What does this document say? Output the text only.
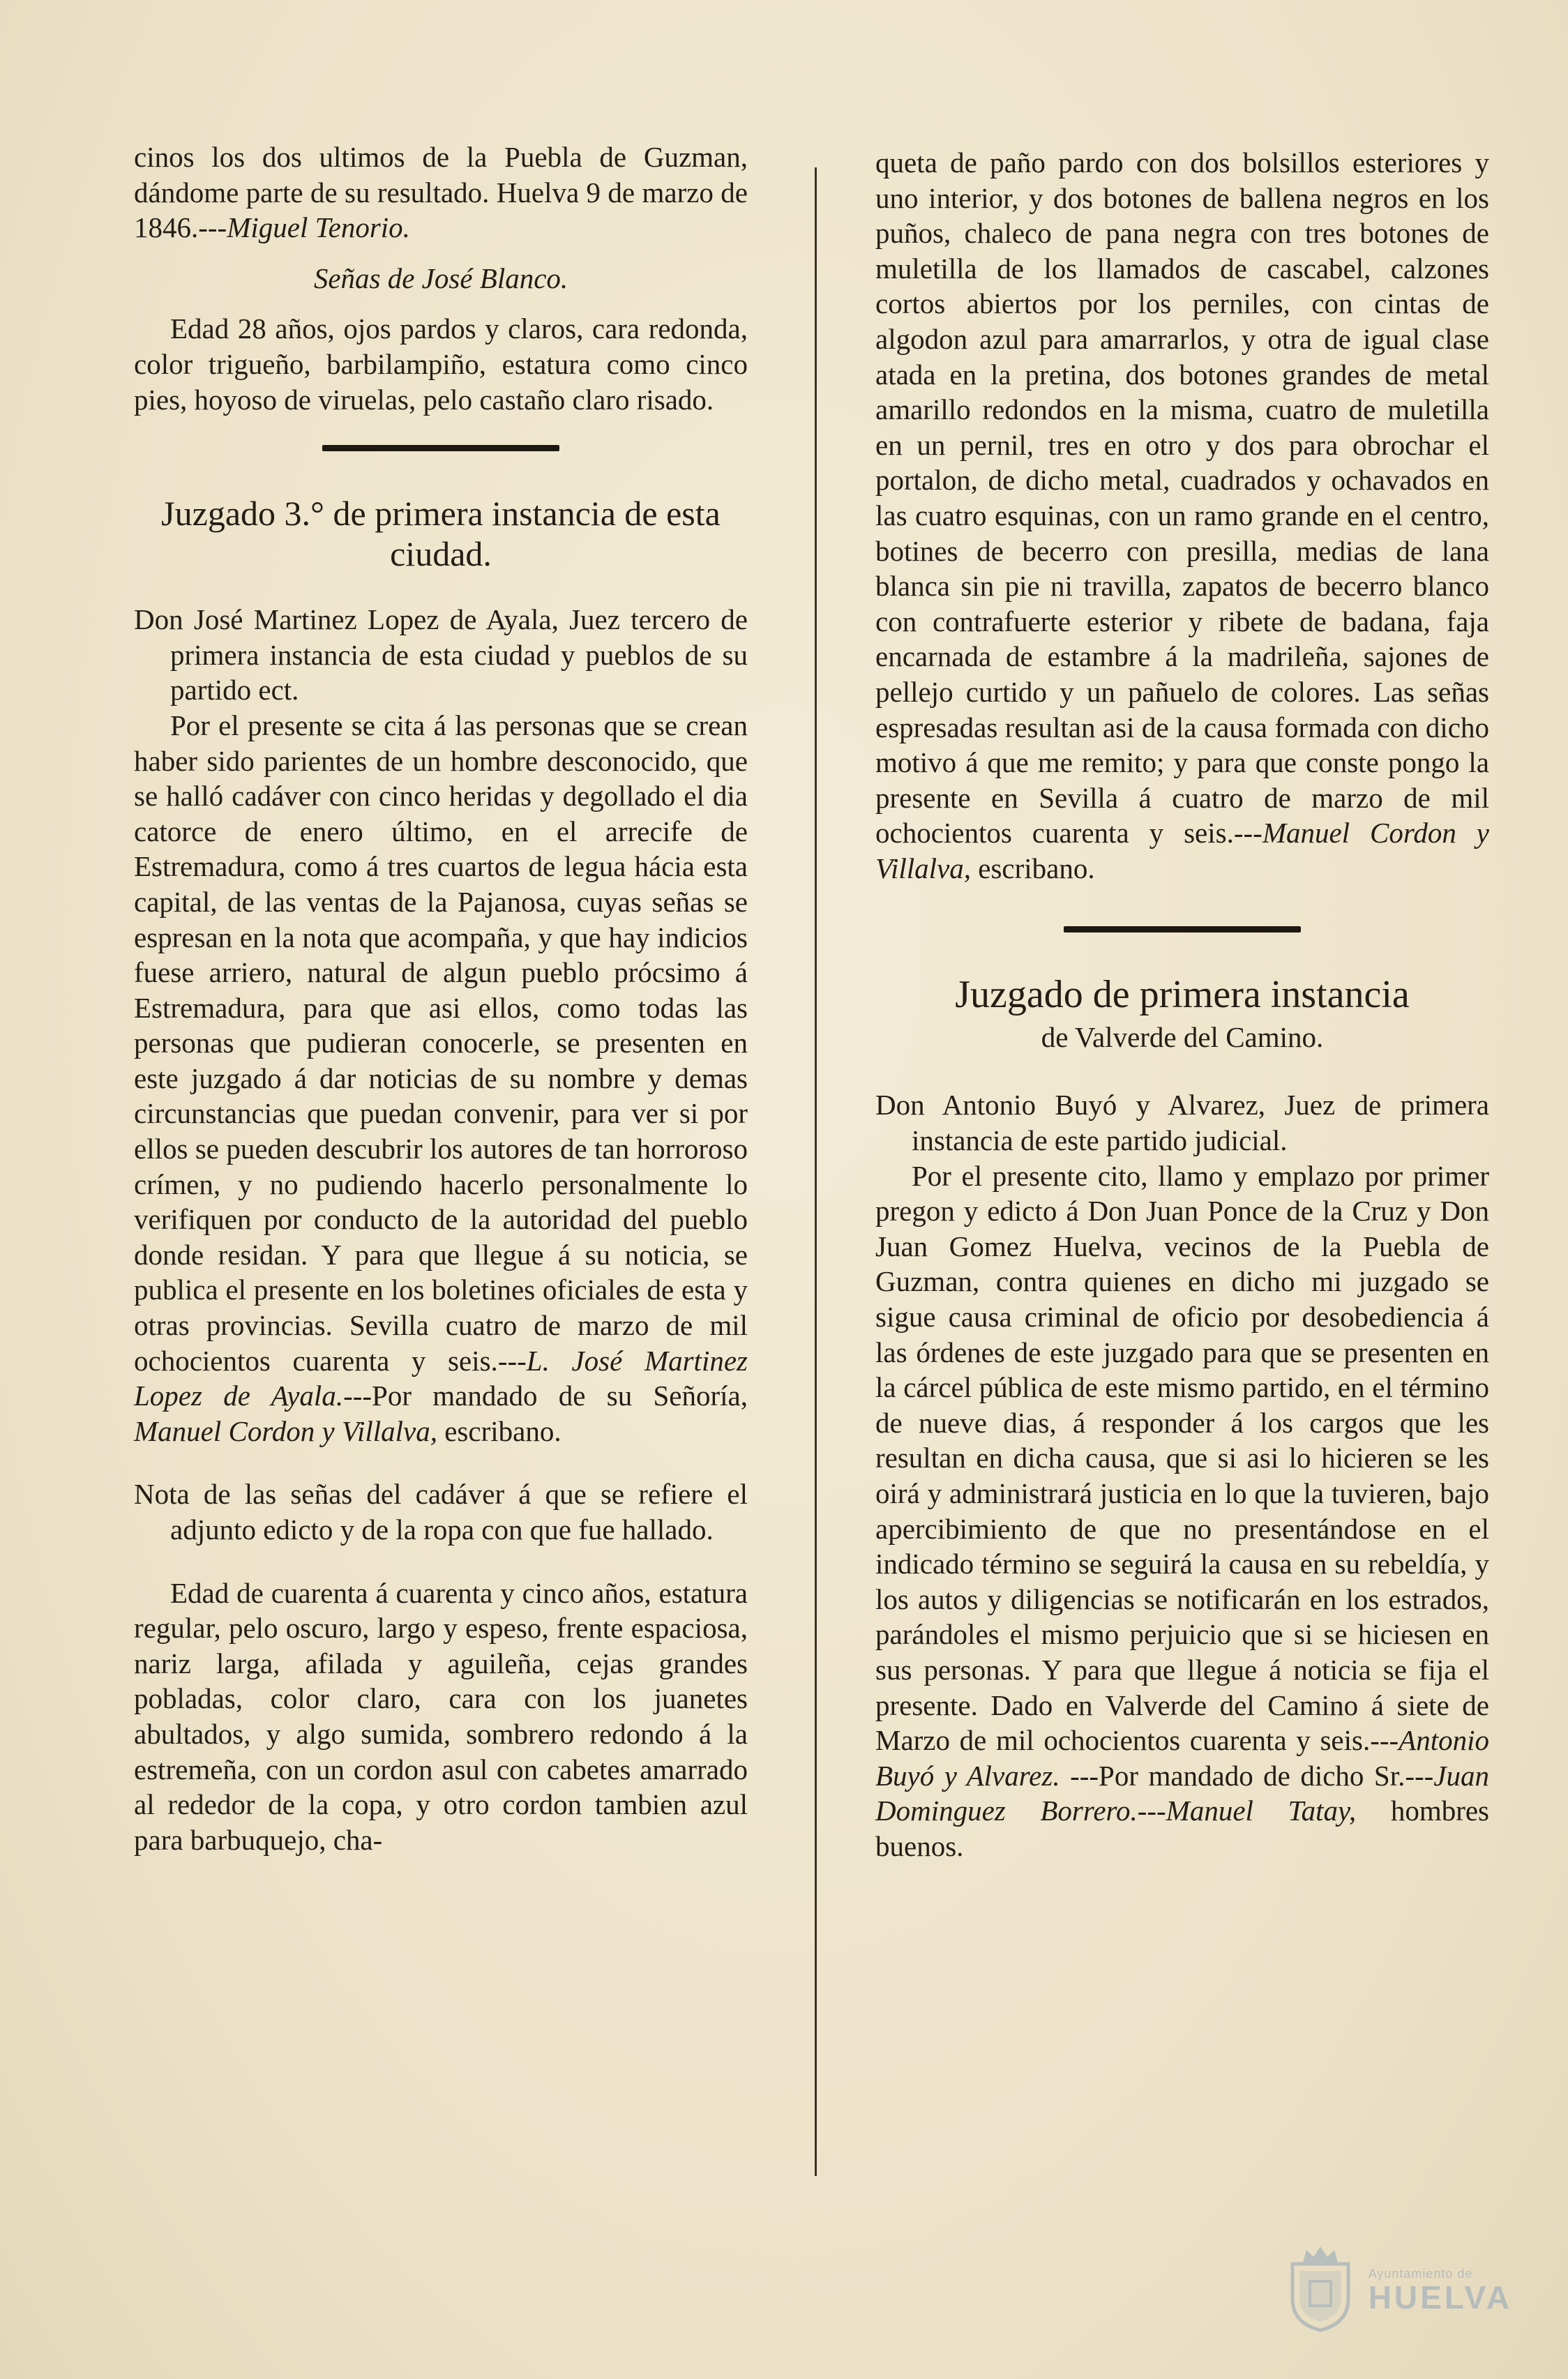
cinos los dos ultimos de la Puebla de Guzman, dándome parte de su resultado. Huelva 9 de marzo de 1846.---Miguel Tenorio.

Señas de José Blanco.

Edad 28 años, ojos pardos y claros, cara redonda, color trigueño, barbilampiño, estatura como cinco pies, hoyoso de viruelas, pelo castaño claro risado.

Juzgado 3.° de primera instancia de esta ciudad.

Don José Martinez Lopez de Ayala, Juez tercero de primera instancia de esta ciudad y pueblos de su partido ect.

Por el presente se cita á las personas que se crean haber sido parientes de un hombre desconocido, que se halló cadáver con cinco heridas y degollado el dia catorce de enero último, en el arrecife de Estremadura, como á tres cuartos de legua hácia esta capital, de las ventas de la Pajanosa, cuyas señas se espresan en la nota que acompaña, y que hay indicios fuese arriero, natural de algun pueblo prócsimo á Estremadura, para que asi ellos, como todas las personas que pudieran conocerle, se presenten en este juzgado á dar noticias de su nombre y demas circunstancias que puedan convenir, para ver si por ellos se pueden descubrir los autores de tan horroroso crímen, y no pudiendo hacerlo personalmente lo verifiquen por conducto de la autoridad del pueblo donde residan. Y para que llegue á su noticia, se publica el presente en los boletines oficiales de esta y otras provincias. Sevilla cuatro de marzo de mil ochocientos cuarenta y seis.---L. José Martinez Lopez de Ayala.---Por mandado de su Señoría, Manuel Cordon y Villalva, escribano.

Nota de las señas del cadáver á que se refiere el adjunto edicto y de la ropa con que fue hallado.

Edad de cuarenta á cuarenta y cinco años, estatura regular, pelo oscuro, largo y espeso, frente espaciosa, nariz larga, afilada y aguileña, cejas grandes pobladas, color claro, cara con los juanetes abultados, y algo sumida, sombrero redondo á la estremeña, con un cordon asul con cabetes amarrado al rededor de la copa, y otro cordon tambien azul para barbuquejo, cha-

queta de paño pardo con dos bolsillos esteriores y uno interior, y dos botones de ballena negros en los puños, chaleco de pana negra con tres botones de muletilla de los llamados de cascabel, calzones cortos abiertos por los perniles, con cintas de algodon azul para amarrarlos, y otra de igual clase atada en la pretina, dos botones grandes de metal amarillo redondos en la misma, cuatro de muletilla en un pernil, tres en otro y dos para obrochar el portalon, de dicho metal, cuadrados y ochavados en las cuatro esquinas, con un ramo grande en el centro, botines de becerro con presilla, medias de lana blanca sin pie ni travilla, zapatos de becerro blanco con contrafuerte esterior y ribete de badana, faja encarnada de estambre á la madrileña, sajones de pellejo curtido y un pañuelo de colores. Las señas espresadas resultan asi de la causa formada con dicho motivo á que me remito; y para que conste pongo la presente en Sevilla á cuatro de marzo de mil ochocientos cuarenta y seis.---Manuel Cordon y Villalva, escribano.

Juzgado de primera instancia

de Valverde del Camino.

Don Antonio Buyó y Alvarez, Juez de primera instancia de este partido judicial.

Por el presente cito, llamo y emplazo por primer pregon y edicto á Don Juan Ponce de la Cruz y Don Juan Gomez Huelva, vecinos de la Puebla de Guzman, contra quienes en dicho mi juzgado se sigue causa criminal de oficio por desobediencia á las órdenes de este juzgado para que se presenten en la cárcel pública de este mismo partido, en el término de nueve dias, á responder á los cargos que les resultan en dicha causa, que si asi lo hicieren se les oirá y administrará justicia en lo que la tuvieren, bajo apercibimiento de que no presentándose en el indicado término se seguirá la causa en su rebeldía, y los autos y diligencias se notificarán en los estrados, parándoles el mismo perjuicio que si se hiciesen en sus personas. Y para que llegue á noticia se fija el presente. Dado en Valverde del Camino á siete de Marzo de mil ochocientos cuarenta y seis.---Antonio Buyó y Alvarez. ---Por mandado de dicho Sr.---Juan Dominguez Borrero.---Manuel Tatay, hombres buenos.

Ayuntamiento de
HUELVA
